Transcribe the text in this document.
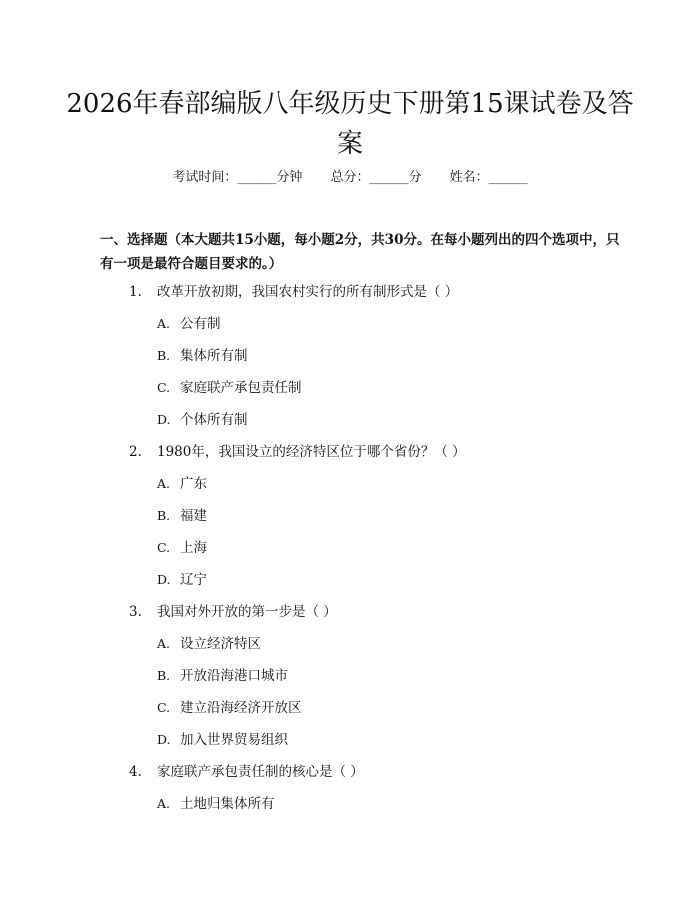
2026年春部编版八年级历史下册第15课试卷及答案
考试时间：______分钟 总分：______分 姓名：______

一、选择题（本大题共15小题，每小题2分，共30分。在每小题列出的四个选项中，只有一项是最符合题目要求的。）

1. 改革开放初期，我国农村实行的所有制形式是（ ）
A. 公有制
B. 集体所有制
C. 家庭联产承包责任制
D. 个体所有制
2. 1980年，我国设立的经济特区位于哪个省份？（ ）
A. 广东
B. 福建
C. 上海
D. 辽宁
3. 我国对外开放的第一步是（ ）
A. 设立经济特区
B. 开放沿海港口城市
C. 建立沿海经济开放区
D. 加入世界贸易组织
4. 家庭联产承包责任制的核心是（ ）
A. 土地归集体所有
